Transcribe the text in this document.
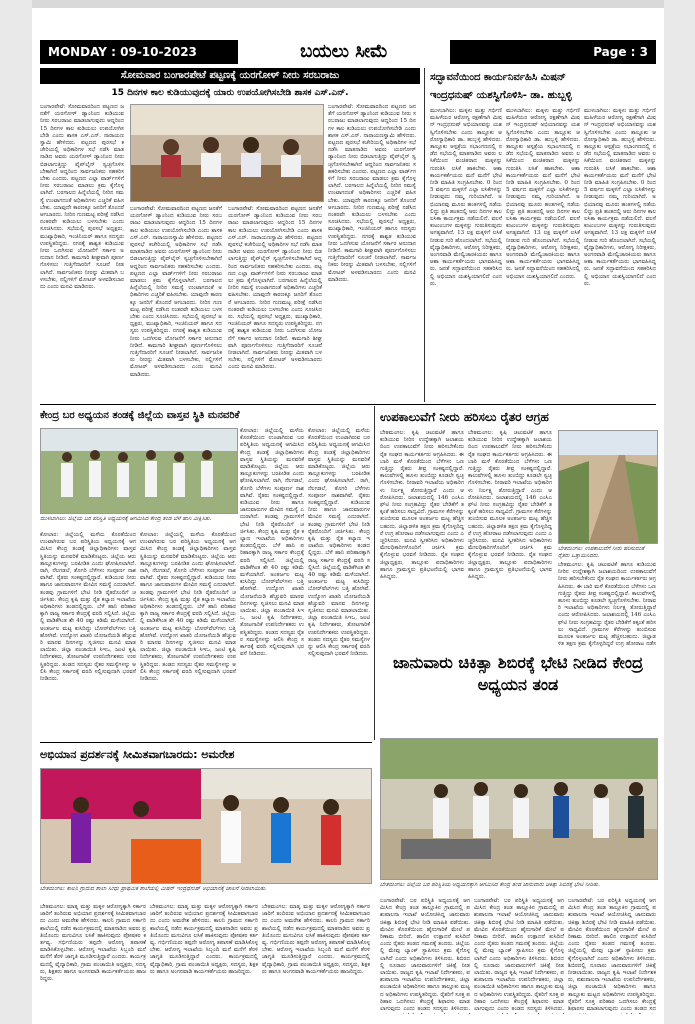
MONDAY : 09-10-2023	ಬಯಲು ಸೀಮೆ	Page : 3
ಸೋಮವಾರ ಬಂಗಾರಪೇಟೆ ಪಟ್ಟಣಕ್ಕೆ ಯರಗೋಳ್ ನೀರು ಸರಬರಾಜು
15 ದಿನಗಳ ಕಾಲ ಕುಡಿಯುವುದಕ್ಕೆ ಯಾರು ಉಪಯೋಗಿಸಬೇಡಿ ಶಾಸಕ ಎಸ್.ಎನ್.
ಬಂಗಾರಪೇಟೆ: ಸೋಮವಾರದಿಂದ ಪಟ್ಟಣದ ಜನತೆಗೆ ಯರಗೋಳ್ ಡ್ಯಾಂನಿಂದ ಕುಡಿಯುವ ನೀರು ಸರಬರಾಜು ಮಾಡಲಾಗುವುದು ಆದ್ದರಿಂದ 15 ದಿನಗಳ ಕಾಲ ಕುಡಿಯಲು ಉಪಯೋಗಿಸಬೇಡಿ ಎಂದು ಶಾಸಕ ಎಸ್.ಎನ್. ನಾರಾಯಣಸ್ವಾಮಿ ಹೇಳಿದರು. ಪಟ್ಟಣದ ಪುರಸಭೆ ಕಚೇರಿಯಲ್ಲಿ ಅಧಿಕಾರಿಗಳ ಸಭೆ ನಡೆಸಿ ಮಾತನಾಡಿದ ಅವರು ಯರಗೋಳ್ ಡ್ಯಾಂನಿಂದ ನೀರು ಬಿಡಲಾಗುತ್ತಿದ್ದು ಪೈಪ್‌ಲೈನ್ ಸ್ವಚ್ಛಗೊಳಿಸಬೇಕಾಗಿದೆ ಆದ್ದರಿಂದ ಸಾರ್ವಜನಿಕರು ಸಹಕರಿಸಬೇಕು ಎಂದರು. ಪಟ್ಟಣದ ಎಲ್ಲಾ ವಾರ್ಡ್‌ಗಳಿಗೆ ನೀರು ಸರಬರಾಜು ಮಾಡಲು ಕ್ರಮ ಕೈಗೊಳ್ಳಲಾಗಿದೆ. ಬರಗಾಲದ ಹಿನ್ನೆಲೆಯಲ್ಲಿ ನೀರಿನ ಸಮಸ್ಯೆ ಉಂಟಾಗದಂತೆ ಅಧಿಕಾರಿಗಳು ಎಚ್ಚರಿಕೆ ವಹಿಸಬೇಕು. ಯಾವುದೇ ಕಾರಣಕ್ಕೂ ಜನರಿಗೆ ತೊಂದರೆ ಆಗಬಾರದು. ನೀರಿನ ಗುಣಮಟ್ಟ ಪರೀಕ್ಷೆ ನಡೆಸಿದ ನಂತರವೇ ಕುಡಿಯಲು ಬಳಸಬೇಕು ಎಂದು ಸೂಚಿಸಿದರು. ಸಭೆಯಲ್ಲಿ ಪುರಸಭೆ ಅಧ್ಯಕ್ಷರು, ಮುಖ್ಯಾಧಿಕಾರಿ, ಇಂಜಿನಿಯರ್ ಹಾಗೂ ಸದಸ್ಯರು ಉಪಸ್ಥಿತರಿದ್ದರು. ನಗರಕ್ಕೆ ಶಾಶ್ವತ ಕುಡಿಯುವ ನೀರು ಒದಗಿಸುವ ಯೋಜನೆಗೆ ಸರ್ಕಾರ ಅನುದಾನ ನೀಡಿದೆ. ಕಾಮಗಾರಿ ಶೀಘ್ರವಾಗಿ ಪೂರ್ಣಗೊಳಿಸಲು ಗುತ್ತಿಗೆದಾರರಿಗೆ ಸೂಚನೆ ನೀಡಲಾಗಿದೆ. ಸಾರ್ವಜನಿಕರು ನೀರನ್ನು ಮಿತವಾಗಿ ಬಳಸಬೇಕು, ನಲ್ಲಿಗಳಿಗೆ ಮೋಟರ್ ಅಳವಡಿಸಬಾರದು ಎಂದು ಮನವಿ ಮಾಡಿದರು.
ಬಂಗಾರಪೇಟೆ: ಸೋಮವಾರದಿಂದ ಪಟ್ಟಣದ ಜನತೆಗೆ ಯರಗೋಳ್ ಡ್ಯಾಂನಿಂದ ಕುಡಿಯುವ ನೀರು ಸರಬರಾಜು ಮಾಡಲಾಗುವುದು ಆದ್ದರಿಂದ 15 ದಿನಗಳ ಕಾಲ ಕುಡಿಯಲು ಉಪಯೋಗಿಸಬೇಡಿ ಎಂದು ಶಾಸಕ ಎಸ್.ಎನ್. ನಾರಾಯಣಸ್ವಾಮಿ ಹೇಳಿದರು. ಪಟ್ಟಣದ ಪುರಸಭೆ ಕಚೇರಿಯಲ್ಲಿ ಅಧಿಕಾರಿಗಳ ಸಭೆ ನಡೆಸಿ ಮಾತನಾಡಿದ ಅವರು ಯರಗೋಳ್ ಡ್ಯಾಂನಿಂದ ನೀರು ಬಿಡಲಾಗುತ್ತಿದ್ದು ಪೈಪ್‌ಲೈನ್ ಸ್ವಚ್ಛಗೊಳಿಸಬೇಕಾಗಿದೆ ಆದ್ದರಿಂದ ಸಾರ್ವಜನಿಕರು ಸಹಕರಿಸಬೇಕು ಎಂದರು. ಪಟ್ಟಣದ ಎಲ್ಲಾ ವಾರ್ಡ್‌ಗಳಿಗೆ ನೀರು ಸರಬರಾಜು ಮಾಡಲು ಕ್ರಮ ಕೈಗೊಳ್ಳಲಾಗಿದೆ. ಬರಗಾಲದ ಹಿನ್ನೆಲೆಯಲ್ಲಿ ನೀರಿನ ಸಮಸ್ಯೆ ಉಂಟಾಗದಂತೆ ಅಧಿಕಾರಿಗಳು ಎಚ್ಚರಿಕೆ ವಹಿಸಬೇಕು. ಯಾವುದೇ ಕಾರಣಕ್ಕೂ ಜನರಿಗೆ ತೊಂದರೆ ಆಗಬಾರದು. ನೀರಿನ ಗುಣಮಟ್ಟ ಪರೀಕ್ಷೆ ನಡೆಸಿದ ನಂತರವೇ ಕುಡಿಯಲು ಬಳಸಬೇಕು ಎಂದು ಸೂಚಿಸಿದರು. ಸಭೆಯಲ್ಲಿ ಪುರಸಭೆ ಅಧ್ಯಕ್ಷರು, ಮುಖ್ಯಾಧಿಕಾರಿ, ಇಂಜಿನಿಯರ್ ಹಾಗೂ ಸದಸ್ಯರು ಉಪಸ್ಥಿತರಿದ್ದರು. ನಗರಕ್ಕೆ ಶಾಶ್ವತ ಕುಡಿಯುವ ನೀರು ಒದಗಿಸುವ ಯೋಜನೆಗೆ ಸರ್ಕಾರ ಅನುದಾನ ನೀಡಿದೆ. ಕಾಮಗಾರಿ ಶೀಘ್ರವಾಗಿ ಪೂರ್ಣಗೊಳಿಸಲು ಗುತ್ತಿಗೆದಾರರಿಗೆ ಸೂಚನೆ ನೀಡಲಾಗಿದೆ. ಸಾರ್ವಜನಿಕರು ನೀರನ್ನು ಮಿತವಾಗಿ ಬಳಸಬೇಕು, ನಲ್ಲಿಗಳಿಗೆ ಮೋಟರ್ ಅಳವಡಿಸಬಾರದು ಎಂದು ಮನವಿ ಮಾಡಿದರು.
ಬಂಗಾರಪೇಟೆ: ಸೋಮವಾರದಿಂದ ಪಟ್ಟಣದ ಜನತೆಗೆ ಯರಗೋಳ್ ಡ್ಯಾಂನಿಂದ ಕುಡಿಯುವ ನೀರು ಸರಬರಾಜು ಮಾಡಲಾಗುವುದು ಆದ್ದರಿಂದ 15 ದಿನಗಳ ಕಾಲ ಕುಡಿಯಲು ಉಪಯೋಗಿಸಬೇಡಿ ಎಂದು ಶಾಸಕ ಎಸ್.ಎನ್. ನಾರಾಯಣಸ್ವಾಮಿ ಹೇಳಿದರು. ಪಟ್ಟಣದ ಪುರಸಭೆ ಕಚೇರಿಯಲ್ಲಿ ಅಧಿಕಾರಿಗಳ ಸಭೆ ನಡೆಸಿ ಮಾತನಾಡಿದ ಅವರು ಯರಗೋಳ್ ಡ್ಯಾಂನಿಂದ ನೀರು ಬಿಡಲಾಗುತ್ತಿದ್ದು ಪೈಪ್‌ಲೈನ್ ಸ್ವಚ್ಛಗೊಳಿಸಬೇಕಾಗಿದೆ ಆದ್ದರಿಂದ ಸಾರ್ವಜನಿಕರು ಸಹಕರಿಸಬೇಕು ಎಂದರು. ಪಟ್ಟಣದ ಎಲ್ಲಾ ವಾರ್ಡ್‌ಗಳಿಗೆ ನೀರು ಸರಬರಾಜು ಮಾಡಲು ಕ್ರಮ ಕೈಗೊಳ್ಳಲಾಗಿದೆ. ಬರಗಾಲದ ಹಿನ್ನೆಲೆಯಲ್ಲಿ ನೀರಿನ ಸಮಸ್ಯೆ ಉಂಟಾಗದಂತೆ ಅಧಿಕಾರಿಗಳು ಎಚ್ಚರಿಕೆ ವಹಿಸಬೇಕು. ಯಾವುದೇ ಕಾರಣಕ್ಕೂ ಜನರಿಗೆ ತೊಂದರೆ ಆಗಬಾರದು. ನೀರಿನ ಗುಣಮಟ್ಟ ಪರೀಕ್ಷೆ ನಡೆಸಿದ ನಂತರವೇ ಕುಡಿಯಲು ಬಳಸಬೇಕು ಎಂದು ಸೂಚಿಸಿದರು. ಸಭೆಯಲ್ಲಿ ಪುರಸಭೆ ಅಧ್ಯಕ್ಷರು, ಮುಖ್ಯಾಧಿಕಾರಿ, ಇಂಜಿನಿಯರ್ ಹಾಗೂ ಸದಸ್ಯರು ಉಪಸ್ಥಿತರಿದ್ದರು. ನಗರಕ್ಕೆ ಶಾಶ್ವತ ಕುಡಿಯುವ ನೀರು ಒದಗಿಸುವ ಯೋಜನೆಗೆ ಸರ್ಕಾರ ಅನುದಾನ ನೀಡಿದೆ. ಕಾಮಗಾರಿ ಶೀಘ್ರವಾಗಿ ಪೂರ್ಣಗೊಳಿಸಲು ಗುತ್ತಿಗೆದಾರರಿಗೆ ಸೂಚನೆ ನೀಡಲಾಗಿದೆ. ಸಾರ್ವಜನಿಕರು ನೀರನ್ನು ಮಿತವಾಗಿ ಬಳಸಬೇಕು, ನಲ್ಲಿಗಳಿಗೆ ಮೋಟರ್ ಅಳವಡಿಸಬಾರದು ಎಂದು ಮನವಿ ಮಾಡಿದರು.
ಬಂಗಾರಪೇಟೆ: ಸೋಮವಾರದಿಂದ ಪಟ್ಟಣದ ಜನತೆಗೆ ಯರಗೋಳ್ ಡ್ಯಾಂನಿಂದ ಕುಡಿಯುವ ನೀರು ಸರಬರಾಜು ಮಾಡಲಾಗುವುದು ಆದ್ದರಿಂದ 15 ದಿನಗಳ ಕಾಲ ಕುಡಿಯಲು ಉಪಯೋಗಿಸಬೇಡಿ ಎಂದು ಶಾಸಕ ಎಸ್.ಎನ್. ನಾರಾಯಣಸ್ವಾಮಿ ಹೇಳಿದರು. ಪಟ್ಟಣದ ಪುರಸಭೆ ಕಚೇರಿಯಲ್ಲಿ ಅಧಿಕಾರಿಗಳ ಸಭೆ ನಡೆಸಿ ಮಾತನಾಡಿದ ಅವರು ಯರಗೋಳ್ ಡ್ಯಾಂನಿಂದ ನೀರು ಬಿಡಲಾಗುತ್ತಿದ್ದು ಪೈಪ್‌ಲೈನ್ ಸ್ವಚ್ಛಗೊಳಿಸಬೇಕಾಗಿದೆ ಆದ್ದರಿಂದ ಸಾರ್ವಜನಿಕರು ಸಹಕರಿಸಬೇಕು ಎಂದರು. ಪಟ್ಟಣದ ಎಲ್ಲಾ ವಾರ್ಡ್‌ಗಳಿಗೆ ನೀರು ಸರಬರಾಜು ಮಾಡಲು ಕ್ರಮ ಕೈಗೊಳ್ಳಲಾಗಿದೆ. ಬರಗಾಲದ ಹಿನ್ನೆಲೆಯಲ್ಲಿ ನೀರಿನ ಸಮಸ್ಯೆ ಉಂಟಾಗದಂತೆ ಅಧಿಕಾರಿಗಳು ಎಚ್ಚರಿಕೆ ವಹಿಸಬೇಕು. ಯಾವುದೇ ಕಾರಣಕ್ಕೂ ಜನರಿಗೆ ತೊಂದರೆ ಆಗಬಾರದು. ನೀರಿನ ಗುಣಮಟ್ಟ ಪರೀಕ್ಷೆ ನಡೆಸಿದ ನಂತರವೇ ಕುಡಿಯಲು ಬಳಸಬೇಕು ಎಂದು ಸೂಚಿಸಿದರು. ಸಭೆಯಲ್ಲಿ ಪುರಸಭೆ ಅಧ್ಯಕ್ಷರು, ಮುಖ್ಯಾಧಿಕಾರಿ, ಇಂಜಿನಿಯರ್ ಹಾಗೂ ಸದಸ್ಯರು ಉಪಸ್ಥಿತರಿದ್ದರು. ನಗರಕ್ಕೆ ಶಾಶ್ವತ ಕುಡಿಯುವ ನೀರು ಒದಗಿಸುವ ಯೋಜನೆಗೆ ಸರ್ಕಾರ ಅನುದಾನ ನೀಡಿದೆ. ಕಾಮಗಾರಿ ಶೀಘ್ರವಾಗಿ ಪೂರ್ಣಗೊಳಿಸಲು ಗುತ್ತಿಗೆದಾರರಿಗೆ ಸೂಚನೆ ನೀಡಲಾಗಿದೆ. ಸಾರ್ವಜನಿಕರು ನೀರನ್ನು ಮಿತವಾಗಿ ಬಳಸಬೇಕು, ನಲ್ಲಿಗಳಿಗೆ ಮೋಟರ್ ಅಳವಡಿಸಬಾರದು ಎಂದು ಮನವಿ ಮಾಡಿದರು.
ಸದ್ಭಾವನೆಯಿಂದ ಕಾರ್ಯನಿರ್ವಹಿಸಿ ಮಿಷನ್
ಇಂದ್ರಧನುಷ್ ಯಶಸ್ವಿಗೊಳಿಸಿ- ಡಾ. ಹುಬ್ಬಳ್ಳಿ
ಮುಳಬಾಗಿಲು: ಮಕ್ಕಳು ಮತ್ತು ಗರ್ಭಿಣಿ ಮಹಿಳೆಯರ ಆರೋಗ್ಯ ರಕ್ಷಣೆಗಾಗಿ ಮಿಷನ್ ಇಂದ್ರಧನುಷ್ ಅಭಿಯಾನವನ್ನು ಯಶಸ್ವಿಗೊಳಿಸಬೇಕು ಎಂದು ತಾಲ್ಲೂಕು ಆರೋಗ್ಯಾಧಿಕಾರಿ ಡಾ. ಹುಬ್ಬಳ್ಳಿ ಹೇಳಿದರು. ತಾಲ್ಲೂಕು ಆಸ್ಪತ್ರೆಯ ಸಭಾಂಗಣದಲ್ಲಿ ನಡೆದ ಸಭೆಯಲ್ಲಿ ಮಾತನಾಡಿದ ಅವರು ಲಸಿಕೆಯಿಂದ ವಂಚಿತರಾದ ಮಕ್ಕಳನ್ನು ಗುರುತಿಸಿ ಲಸಿಕೆ ಹಾಕಬೇಕು. ಆಶಾ ಕಾರ್ಯಕರ್ತೆಯರು ಮನೆ ಮನೆಗೆ ಭೇಟಿ ನೀಡಿ ಮಾಹಿತಿ ಸಂಗ್ರಹಿಸಬೇಕು. 0 ರಿಂದ 5 ವರ್ಷದ ಮಕ್ಕಳಿಗೆ ಎಲ್ಲಾ ಲಸಿಕೆಗಳನ್ನು ನೀಡುವುದು ನಮ್ಮ ಗುರಿಯಾಗಿದೆ. ಅಭಿಯಾನವು ಮೂರು ಹಂತಗಳಲ್ಲಿ ನಡೆಯಲಿದ್ದು ಪ್ರತಿ ಹಂತದಲ್ಲಿ ಆರು ದಿನಗಳ ಕಾಲ ಲಸಿಕಾ ಕಾರ್ಯಕ್ರಮ ನಡೆಯಲಿದೆ. ವಲಸೆ ಕುಟುಂಬಗಳ ಮಕ್ಕಳನ್ನು ಗುರುತಿಸುವುದು ಅಗತ್ಯವಾಗಿದೆ. 13 ಲಕ್ಷ ಮಕ್ಕಳಿಗೆ ಲಸಿಕೆ ನೀಡುವ ಗುರಿ ಹೊಂದಲಾಗಿದೆ. ಸಭೆಯಲ್ಲಿ ವೈದ್ಯಾಧಿಕಾರಿಗಳು, ಆರೋಗ್ಯ ನಿರೀಕ್ಷಕರು, ಅಂಗನವಾಡಿ ಮೇಲ್ವಿಚಾರಕಿಯರು ಹಾಗೂ ಆಶಾ ಕಾರ್ಯಕರ್ತೆಯರು ಭಾಗವಹಿಸಿದ್ದರು. ಜನತೆ ಸದ್ಭಾವನೆಯಿಂದ ಸಹಕರಿಸಿದಲ್ಲಿ ಅಭಿಯಾನ ಯಶಸ್ವಿಯಾಗಲಿದೆ ಎಂದರು.
ಮುಳಬಾಗಿಲು: ಮಕ್ಕಳು ಮತ್ತು ಗರ್ಭಿಣಿ ಮಹಿಳೆಯರ ಆರೋಗ್ಯ ರಕ್ಷಣೆಗಾಗಿ ಮಿಷನ್ ಇಂದ್ರಧನುಷ್ ಅಭಿಯಾನವನ್ನು ಯಶಸ್ವಿಗೊಳಿಸಬೇಕು ಎಂದು ತಾಲ್ಲೂಕು ಆರೋಗ್ಯಾಧಿಕಾರಿ ಡಾ. ಹುಬ್ಬಳ್ಳಿ ಹೇಳಿದರು. ತಾಲ್ಲೂಕು ಆಸ್ಪತ್ರೆಯ ಸಭಾಂಗಣದಲ್ಲಿ ನಡೆದ ಸಭೆಯಲ್ಲಿ ಮಾತನಾಡಿದ ಅವರು ಲಸಿಕೆಯಿಂದ ವಂಚಿತರಾದ ಮಕ್ಕಳನ್ನು ಗುರುತಿಸಿ ಲಸಿಕೆ ಹಾಕಬೇಕು. ಆಶಾ ಕಾರ್ಯಕರ್ತೆಯರು ಮನೆ ಮನೆಗೆ ಭೇಟಿ ನೀಡಿ ಮಾಹಿತಿ ಸಂಗ್ರಹಿಸಬೇಕು. 0 ರಿಂದ 5 ವರ್ಷದ ಮಕ್ಕಳಿಗೆ ಎಲ್ಲಾ ಲಸಿಕೆಗಳನ್ನು ನೀಡುವುದು ನಮ್ಮ ಗುರಿಯಾಗಿದೆ. ಅಭಿಯಾನವು ಮೂರು ಹಂತಗಳಲ್ಲಿ ನಡೆಯಲಿದ್ದು ಪ್ರತಿ ಹಂತದಲ್ಲಿ ಆರು ದಿನಗಳ ಕಾಲ ಲಸಿಕಾ ಕಾರ್ಯಕ್ರಮ ನಡೆಯಲಿದೆ. ವಲಸೆ ಕುಟುಂಬಗಳ ಮಕ್ಕಳನ್ನು ಗುರುತಿಸುವುದು ಅಗತ್ಯವಾಗಿದೆ. 13 ಲಕ್ಷ ಮಕ್ಕಳಿಗೆ ಲಸಿಕೆ ನೀಡುವ ಗುರಿ ಹೊಂದಲಾಗಿದೆ. ಸಭೆಯಲ್ಲಿ ವೈದ್ಯಾಧಿಕಾರಿಗಳು, ಆರೋಗ್ಯ ನಿರೀಕ್ಷಕರು, ಅಂಗನವಾಡಿ ಮೇಲ್ವಿಚಾರಕಿಯರು ಹಾಗೂ ಆಶಾ ಕಾರ್ಯಕರ್ತೆಯರು ಭಾಗವಹಿಸಿದ್ದರು. ಜನತೆ ಸದ್ಭಾವನೆಯಿಂದ ಸಹಕರಿಸಿದಲ್ಲಿ ಅಭಿಯಾನ ಯಶಸ್ವಿಯಾಗಲಿದೆ ಎಂದರು.
ಮುಳಬಾಗಿಲು: ಮಕ್ಕಳು ಮತ್ತು ಗರ್ಭಿಣಿ ಮಹಿಳೆಯರ ಆರೋಗ್ಯ ರಕ್ಷಣೆಗಾಗಿ ಮಿಷನ್ ಇಂದ್ರಧನುಷ್ ಅಭಿಯಾನವನ್ನು ಯಶಸ್ವಿಗೊಳಿಸಬೇಕು ಎಂದು ತಾಲ್ಲೂಕು ಆರೋಗ್ಯಾಧಿಕಾರಿ ಡಾ. ಹುಬ್ಬಳ್ಳಿ ಹೇಳಿದರು. ತಾಲ್ಲೂಕು ಆಸ್ಪತ್ರೆಯ ಸಭಾಂಗಣದಲ್ಲಿ ನಡೆದ ಸಭೆಯಲ್ಲಿ ಮಾತನಾಡಿದ ಅವರು ಲಸಿಕೆಯಿಂದ ವಂಚಿತರಾದ ಮಕ್ಕಳನ್ನು ಗುರುತಿಸಿ ಲಸಿಕೆ ಹಾಕಬೇಕು. ಆಶಾ ಕಾರ್ಯಕರ್ತೆಯರು ಮನೆ ಮನೆಗೆ ಭೇಟಿ ನೀಡಿ ಮಾಹಿತಿ ಸಂಗ್ರಹಿಸಬೇಕು. 0 ರಿಂದ 5 ವರ್ಷದ ಮಕ್ಕಳಿಗೆ ಎಲ್ಲಾ ಲಸಿಕೆಗಳನ್ನು ನೀಡುವುದು ನಮ್ಮ ಗುರಿಯಾಗಿದೆ. ಅಭಿಯಾನವು ಮೂರು ಹಂತಗಳಲ್ಲಿ ನಡೆಯಲಿದ್ದು ಪ್ರತಿ ಹಂತದಲ್ಲಿ ಆರು ದಿನಗಳ ಕಾಲ ಲಸಿಕಾ ಕಾರ್ಯಕ್ರಮ ನಡೆಯಲಿದೆ. ವಲಸೆ ಕುಟುಂಬಗಳ ಮಕ್ಕಳನ್ನು ಗುರುತಿಸುವುದು ಅಗತ್ಯವಾಗಿದೆ. 13 ಲಕ್ಷ ಮಕ್ಕಳಿಗೆ ಲಸಿಕೆ ನೀಡುವ ಗುರಿ ಹೊಂದಲಾಗಿದೆ. ಸಭೆಯಲ್ಲಿ ವೈದ್ಯಾಧಿಕಾರಿಗಳು, ಆರೋಗ್ಯ ನಿರೀಕ್ಷಕರು, ಅಂಗನವಾಡಿ ಮೇಲ್ವಿಚಾರಕಿಯರು ಹಾಗೂ ಆಶಾ ಕಾರ್ಯಕರ್ತೆಯರು ಭಾಗವಹಿಸಿದ್ದರು. ಜನತೆ ಸದ್ಭಾವನೆಯಿಂದ ಸಹಕರಿಸಿದಲ್ಲಿ ಅಭಿಯಾನ ಯಶಸ್ವಿಯಾಗಲಿದೆ ಎಂದರು.
ಕೇಂದ್ರ ಬರ ಅಧ್ಯಯನ ತಂಡಕ್ಕೆ ಜಿಲ್ಲೆಯ ವಾಸ್ತವ ಸ್ಥಿತಿ ಮನವರಿಕೆ
ಮುಳಬಾಗಿಲು: ಜಿಲ್ಲೆಯ ಬರ ಪರಿಸ್ಥಿತಿ ಅಧ್ಯಯನಕ್ಕೆ ಆಗಮಿಸಿದ ಕೇಂದ್ರ ತಂಡ ಬೆಳೆ ಹಾನಿ ವೀಕ್ಷಿಸಿತು.
ಕೋಲಾರ: ಜಿಲ್ಲೆಯಲ್ಲಿ ಮಳೆಯ ಕೊರತೆಯಿಂದ ಉಂಟಾಗಿರುವ ಬರ ಪರಿಸ್ಥಿತಿಯ ಅಧ್ಯಯನಕ್ಕೆ ಆಗಮಿಸಿದ ಕೇಂದ್ರ ತಂಡಕ್ಕೆ ಜಿಲ್ಲಾಧಿಕಾರಿಗಳು ವಾಸ್ತವ ಸ್ಥಿತಿಯನ್ನು ಮನವರಿಕೆ ಮಾಡಿಕೊಟ್ಟರು. ಜಿಲ್ಲೆಯ ಆರು ತಾಲ್ಲೂಕುಗಳನ್ನು ಬರಪೀಡಿತ ಎಂದು ಘೋಷಿಸಲಾಗಿದೆ. ರಾಗಿ, ನೆಲಗಡಲೆ, ತೊಗರಿ ಬೆಳೆಗಳು ಸಂಪೂರ್ಣ ನಾಶವಾಗಿವೆ. ರೈತರು ಸಂಕಷ್ಟದಲ್ಲಿದ್ದಾರೆ. ಕುಡಿಯುವ ನೀರು ಹಾಗೂ ಜಾನುವಾರುಗಳ ಮೇವಿನ ಸಮಸ್ಯೆ ಎದುರಾಗಿದೆ. ತಂಡವು ಗ್ರಾಮಗಳಿಗೆ ಭೇಟಿ ನೀಡಿ ರೈತರೊಂದಿಗೆ ಚರ್ಚಿಸಿತು. ಕೇಂದ್ರ ಕೃಷಿ ಮತ್ತು ರೈತ ಕಲ್ಯಾಣ ಇಲಾಖೆಯ ಅಧಿಕಾರಿಗಳು ತಂಡದಲ್ಲಿದ್ದರು. ಬೆಳೆ ಹಾನಿ ಪರಿಹಾರಕ್ಕಾಗಿ ರಾಜ್ಯ ಸರ್ಕಾರ ಕೇಂದ್ರಕ್ಕೆ ವರದಿ ಸಲ್ಲಿಸಿದೆ. ಜಿಲ್ಲೆಯಲ್ಲಿ ವಾಡಿಕೆಗಿಂತ ಶೇ 40 ರಷ್ಟು ಕಡಿಮೆ ಮಳೆಯಾಗಿದೆ. ಅಂತರ್ಜಲ ಮಟ್ಟ ಕುಸಿದಿದ್ದು ಬೋರ್‌ವೆಲ್‌ಗಳು ಬತ್ತಿ ಹೋಗಿವೆ. ಉದ್ಯೋಗ ಖಾತರಿ ಯೋಜನೆಯಡಿ ಹೆಚ್ಚುವರಿ ಮಾನವ ದಿನಗಳನ್ನು ಸೃಜಿಸಲು ಮನವಿ ಮಾಡಲಾಯಿತು. ಜಿಲ್ಲಾ ಪಂಚಾಯಿತಿ ಸಿಇಒ, ಜಂಟಿ ಕೃಷಿ ನಿರ್ದೇಶಕರು, ತೋಟಗಾರಿಕೆ ಉಪನಿರ್ದೇಶಕರು ಉಪಸ್ಥಿತರಿದ್ದರು. ತಂಡದ ಸದಸ್ಯರು ರೈತರ ಸಮಸ್ಯೆಗಳನ್ನು ಆಲಿಸಿ ಕೇಂದ್ರ ಸರ್ಕಾರಕ್ಕೆ ವರದಿ ಸಲ್ಲಿಸುವುದಾಗಿ ಭರವಸೆ ನೀಡಿದರು.
ಕೋಲಾರ: ಜಿಲ್ಲೆಯಲ್ಲಿ ಮಳೆಯ ಕೊರತೆಯಿಂದ ಉಂಟಾಗಿರುವ ಬರ ಪರಿಸ್ಥಿತಿಯ ಅಧ್ಯಯನಕ್ಕೆ ಆಗಮಿಸಿದ ಕೇಂದ್ರ ತಂಡಕ್ಕೆ ಜಿಲ್ಲಾಧಿಕಾರಿಗಳು ವಾಸ್ತವ ಸ್ಥಿತಿಯನ್ನು ಮನವರಿಕೆ ಮಾಡಿಕೊಟ್ಟರು. ಜಿಲ್ಲೆಯ ಆರು ತಾಲ್ಲೂಕುಗಳನ್ನು ಬರಪೀಡಿತ ಎಂದು ಘೋಷಿಸಲಾಗಿದೆ. ರಾಗಿ, ನೆಲಗಡಲೆ, ತೊಗರಿ ಬೆಳೆಗಳು ಸಂಪೂರ್ಣ ನಾಶವಾಗಿವೆ. ರೈತರು ಸಂಕಷ್ಟದಲ್ಲಿದ್ದಾರೆ. ಕುಡಿಯುವ ನೀರು ಹಾಗೂ ಜಾನುವಾರುಗಳ ಮೇವಿನ ಸಮಸ್ಯೆ ಎದುರಾಗಿದೆ. ತಂಡವು ಗ್ರಾಮಗಳಿಗೆ ಭೇಟಿ ನೀಡಿ ರೈತರೊಂದಿಗೆ ಚರ್ಚಿಸಿತು. ಕೇಂದ್ರ ಕೃಷಿ ಮತ್ತು ರೈತ ಕಲ್ಯಾಣ ಇಲಾಖೆಯ ಅಧಿಕಾರಿಗಳು ತಂಡದಲ್ಲಿದ್ದರು. ಬೆಳೆ ಹಾನಿ ಪರಿಹಾರಕ್ಕಾಗಿ ರಾಜ್ಯ ಸರ್ಕಾರ ಕೇಂದ್ರಕ್ಕೆ ವರದಿ ಸಲ್ಲಿಸಿದೆ. ಜಿಲ್ಲೆಯಲ್ಲಿ ವಾಡಿಕೆಗಿಂತ ಶೇ 40 ರಷ್ಟು ಕಡಿಮೆ ಮಳೆಯಾಗಿದೆ. ಅಂತರ್ಜಲ ಮಟ್ಟ ಕುಸಿದಿದ್ದು ಬೋರ್‌ವೆಲ್‌ಗಳು ಬತ್ತಿ ಹೋಗಿವೆ. ಉದ್ಯೋಗ ಖಾತರಿ ಯೋಜನೆಯಡಿ ಹೆಚ್ಚುವರಿ ಮಾನವ ದಿನಗಳನ್ನು ಸೃಜಿಸಲು ಮನವಿ ಮಾಡಲಾಯಿತು. ಜಿಲ್ಲಾ ಪಂಚಾಯಿತಿ ಸಿಇಒ, ಜಂಟಿ ಕೃಷಿ ನಿರ್ದೇಶಕರು, ತೋಟಗಾರಿಕೆ ಉಪನಿರ್ದೇಶಕರು ಉಪಸ್ಥಿತರಿದ್ದರು. ತಂಡದ ಸದಸ್ಯರು ರೈತರ ಸಮಸ್ಯೆಗಳನ್ನು ಆಲಿಸಿ ಕೇಂದ್ರ ಸರ್ಕಾರಕ್ಕೆ ವರದಿ ಸಲ್ಲಿಸುವುದಾಗಿ ಭರವಸೆ ನೀಡಿದರು.
ಕೋಲಾರ: ಜಿಲ್ಲೆಯಲ್ಲಿ ಮಳೆಯ ಕೊರತೆಯಿಂದ ಉಂಟಾಗಿರುವ ಬರ ಪರಿಸ್ಥಿತಿಯ ಅಧ್ಯಯನಕ್ಕೆ ಆಗಮಿಸಿದ ಕೇಂದ್ರ ತಂಡಕ್ಕೆ ಜಿಲ್ಲಾಧಿಕಾರಿಗಳು ವಾಸ್ತವ ಸ್ಥಿತಿಯನ್ನು ಮನವರಿಕೆ ಮಾಡಿಕೊಟ್ಟರು. ಜಿಲ್ಲೆಯ ಆರು ತಾಲ್ಲೂಕುಗಳನ್ನು ಬರಪೀಡಿತ ಎಂದು ಘೋಷಿಸಲಾಗಿದೆ. ರಾಗಿ, ನೆಲಗಡಲೆ, ತೊಗರಿ ಬೆಳೆಗಳು ಸಂಪೂರ್ಣ ನಾಶವಾಗಿವೆ. ರೈತರು ಸಂಕಷ್ಟದಲ್ಲಿದ್ದಾರೆ. ಕುಡಿಯುವ ನೀರು ಹಾಗೂ ಜಾನುವಾರುಗಳ ಮೇವಿನ ಸಮಸ್ಯೆ ಎದುರಾಗಿದೆ. ತಂಡವು ಗ್ರಾಮಗಳಿಗೆ ಭೇಟಿ ನೀಡಿ ರೈತರೊಂದಿಗೆ ಚರ್ಚಿಸಿತು. ಕೇಂದ್ರ ಕೃಷಿ ಮತ್ತು ರೈತ ಕಲ್ಯಾಣ ಇಲಾಖೆಯ ಅಧಿಕಾರಿಗಳು ತಂಡದಲ್ಲಿದ್ದರು. ಬೆಳೆ ಹಾನಿ ಪರಿಹಾರಕ್ಕಾಗಿ ರಾಜ್ಯ ಸರ್ಕಾರ ಕೇಂದ್ರಕ್ಕೆ ವರದಿ ಸಲ್ಲಿಸಿದೆ. ಜಿಲ್ಲೆಯಲ್ಲಿ ವಾಡಿಕೆಗಿಂತ ಶೇ 40 ರಷ್ಟು ಕಡಿಮೆ ಮಳೆಯಾಗಿದೆ. ಅಂತರ್ಜಲ ಮಟ್ಟ ಕುಸಿದಿದ್ದು ಬೋರ್‌ವೆಲ್‌ಗಳು ಬತ್ತಿ ಹೋಗಿವೆ. ಉದ್ಯೋಗ ಖಾತರಿ ಯೋಜನೆಯಡಿ ಹೆಚ್ಚುವರಿ ಮಾನವ ದಿನಗಳನ್ನು ಸೃಜಿಸಲು ಮನವಿ ಮಾಡಲಾಯಿತು. ಜಿಲ್ಲಾ ಪಂಚಾಯಿತಿ ಸಿಇಒ, ಜಂಟಿ ಕೃಷಿ ನಿರ್ದೇಶಕರು, ತೋಟಗಾರಿಕೆ ಉಪನಿರ್ದೇಶಕರು ಉಪಸ್ಥಿತರಿದ್ದರು. ತಂಡದ ಸದಸ್ಯರು ರೈತರ ಸಮಸ್ಯೆಗಳನ್ನು ಆಲಿಸಿ ಕೇಂದ್ರ ಸರ್ಕಾರಕ್ಕೆ ವರದಿ ಸಲ್ಲಿಸುವುದಾಗಿ ಭರವಸೆ ನೀಡಿದರು.
ಕೋಲಾರ: ಜಿಲ್ಲೆಯಲ್ಲಿ ಮಳೆಯ ಕೊರತೆಯಿಂದ ಉಂಟಾಗಿರುವ ಬರ ಪರಿಸ್ಥಿತಿಯ ಅಧ್ಯಯನಕ್ಕೆ ಆಗಮಿಸಿದ ಕೇಂದ್ರ ತಂಡಕ್ಕೆ ಜಿಲ್ಲಾಧಿಕಾರಿಗಳು ವಾಸ್ತವ ಸ್ಥಿತಿಯನ್ನು ಮನವರಿಕೆ ಮಾಡಿಕೊಟ್ಟರು. ಜಿಲ್ಲೆಯ ಆರು ತಾಲ್ಲೂಕುಗಳನ್ನು ಬರಪೀಡಿತ ಎಂದು ಘೋಷಿಸಲಾಗಿದೆ. ರಾಗಿ, ನೆಲಗಡಲೆ, ತೊಗರಿ ಬೆಳೆಗಳು ಸಂಪೂರ್ಣ ನಾಶವಾಗಿವೆ. ರೈತರು ಸಂಕಷ್ಟದಲ್ಲಿದ್ದಾರೆ. ಕುಡಿಯುವ ನೀರು ಹಾಗೂ ಜಾನುವಾರುಗಳ ಮೇವಿನ ಸಮಸ್ಯೆ ಎದುರಾಗಿದೆ. ತಂಡವು ಗ್ರಾಮಗಳಿಗೆ ಭೇಟಿ ನೀಡಿ ರೈತರೊಂದಿಗೆ ಚರ್ಚಿಸಿತು. ಕೇಂದ್ರ ಕೃಷಿ ಮತ್ತು ರೈತ ಕಲ್ಯಾಣ ಇಲಾಖೆಯ ಅಧಿಕಾರಿಗಳು ತಂಡದಲ್ಲಿದ್ದರು. ಬೆಳೆ ಹಾನಿ ಪರಿಹಾರಕ್ಕಾಗಿ ರಾಜ್ಯ ಸರ್ಕಾರ ಕೇಂದ್ರಕ್ಕೆ ವರದಿ ಸಲ್ಲಿಸಿದೆ. ಜಿಲ್ಲೆಯಲ್ಲಿ ವಾಡಿಕೆಗಿಂತ ಶೇ 40 ರಷ್ಟು ಕಡಿಮೆ ಮಳೆಯಾಗಿದೆ. ಅಂತರ್ಜಲ ಮಟ್ಟ ಕುಸಿದಿದ್ದು ಬೋರ್‌ವೆಲ್‌ಗಳು ಬತ್ತಿ ಹೋಗಿವೆ. ಉದ್ಯೋಗ ಖಾತರಿ ಯೋಜನೆಯಡಿ ಹೆಚ್ಚುವರಿ ಮಾನವ ದಿನಗಳನ್ನು ಸೃಜಿಸಲು ಮನವಿ ಮಾಡಲಾಯಿತು. ಜಿಲ್ಲಾ ಪಂಚಾಯಿತಿ ಸಿಇಒ, ಜಂಟಿ ಕೃಷಿ ನಿರ್ದೇಶಕರು, ತೋಟಗಾರಿಕೆ ಉಪನಿರ್ದೇಶಕರು ಉಪಸ್ಥಿತರಿದ್ದರು. ತಂಡದ ಸದಸ್ಯರು ರೈತರ ಸಮಸ್ಯೆಗಳನ್ನು ಆಲಿಸಿ ಕೇಂದ್ರ ಸರ್ಕಾರಕ್ಕೆ ವರದಿ ಸಲ್ಲಿಸುವುದಾಗಿ ಭರವಸೆ ನೀಡಿದರು.
ಉಪಕಾಲುವೆಗೆ ನೀರು ಹರಿಸಲು ರೈತರ ಆಗ್ರಹ
ಬೇತಮಂಗಲ: ಕೃಷಿ ಚಟುವಟಿಕೆ ಹಾಗೂ ಕುಡಿಯುವ ನೀರಿನ ಉದ್ದೇಶಕ್ಕಾಗಿ ಜಲಾಶಯದಿಂದ ಉಪಕಾಲುವೆಗೆ ನೀರು ಹರಿಸಬೇಕೆಂದು ರೈತ ಸಂಘದ ಕಾರ್ಯಕರ್ತರು ಆಗ್ರಹಿಸಿದರು. ಈ ಬಾರಿ ಮಳೆ ಕೊರತೆಯಿಂದ ಬೆಳೆಗಳು ಒಣಗುತ್ತಿದ್ದು ರೈತರು ತೀವ್ರ ಸಂಕಷ್ಟದಲ್ಲಿದ್ದಾರೆ. ಕಾಲುವೆಗಳಲ್ಲಿ ಹೂಳು ತುಂಬಿದ್ದು ಕೂಡಲೇ ಸ್ವಚ್ಛಗೊಳಿಸಬೇಕು. ನೀರಾವರಿ ಇಲಾಖೆಯ ಅಧಿಕಾರಿಗಳು ನಿರ್ಲಕ್ಷ್ಯ ತೋರುತ್ತಿದ್ದಾರೆ ಎಂದು ಆರೋಪಿಸಿದರು. ಜಲಾಶಯದಲ್ಲಿ 146 ಎಂಸಿಎಫ್‌ಟಿ ನೀರು ಸಂಗ್ರಹವಿದ್ದು ರೈತರ ಬೇಡಿಕೆಗೆ ತಕ್ಕಂತೆ ಹರಿಸಲು ಸಾಧ್ಯವಿದೆ. ಗ್ರಾಮಗಳ ಕೆರೆಗಳನ್ನು ತುಂಬಿಸುವ ಮೂಲಕ ಅಂತರ್ಜಲ ಮಟ್ಟ ಹೆಚ್ಚಿಸಬಹುದು. ಜಿಲ್ಲಾಡಳಿತ ತಕ್ಷಣ ಕ್ರಮ ಕೈಗೊಳ್ಳದಿದ್ದರೆ ಉಗ್ರ ಹೋರಾಟ ನಡೆಸಲಾಗುವುದು ಎಂದು ಎಚ್ಚರಿಸಿದರು. ಮನವಿ ಸ್ವೀಕರಿಸಿದ ಅಧಿಕಾರಿಗಳು ಮೇಲಧಿಕಾರಿಗಳೊಂದಿಗೆ ಚರ್ಚಿಸಿ ಕ್ರಮ ಕೈಗೊಳ್ಳುವ ಭರವಸೆ ನೀಡಿದರು. ರೈತ ಸಂಘದ ಜಿಲ್ಲಾಧ್ಯಕ್ಷರು, ತಾಲ್ಲೂಕು ಪದಾಧಿಕಾರಿಗಳು ಹಾಗೂ ಗ್ರಾಮಸ್ಥರು ಪ್ರತಿಭಟನೆಯಲ್ಲಿ ಭಾಗವಹಿಸಿದ್ದರು.
ಬೇತಮಂಗಲ: ಕೃಷಿ ಚಟುವಟಿಕೆ ಹಾಗೂ ಕುಡಿಯುವ ನೀರಿನ ಉದ್ದೇಶಕ್ಕಾಗಿ ಜಲಾಶಯದಿಂದ ಉಪಕಾಲುವೆಗೆ ನೀರು ಹರಿಸಬೇಕೆಂದು ರೈತ ಸಂಘದ ಕಾರ್ಯಕರ್ತರು ಆಗ್ರಹಿಸಿದರು. ಈ ಬಾರಿ ಮಳೆ ಕೊರತೆಯಿಂದ ಬೆಳೆಗಳು ಒಣಗುತ್ತಿದ್ದು ರೈತರು ತೀವ್ರ ಸಂಕಷ್ಟದಲ್ಲಿದ್ದಾರೆ. ಕಾಲುವೆಗಳಲ್ಲಿ ಹೂಳು ತುಂಬಿದ್ದು ಕೂಡಲೇ ಸ್ವಚ್ಛಗೊಳಿಸಬೇಕು. ನೀರಾವರಿ ಇಲಾಖೆಯ ಅಧಿಕಾರಿಗಳು ನಿರ್ಲಕ್ಷ್ಯ ತೋರುತ್ತಿದ್ದಾರೆ ಎಂದು ಆರೋಪಿಸಿದರು. ಜಲಾಶಯದಲ್ಲಿ 146 ಎಂಸಿಎಫ್‌ಟಿ ನೀರು ಸಂಗ್ರಹವಿದ್ದು ರೈತರ ಬೇಡಿಕೆಗೆ ತಕ್ಕಂತೆ ಹರಿಸಲು ಸಾಧ್ಯವಿದೆ. ಗ್ರಾಮಗಳ ಕೆರೆಗಳನ್ನು ತುಂಬಿಸುವ ಮೂಲಕ ಅಂತರ್ಜಲ ಮಟ್ಟ ಹೆಚ್ಚಿಸಬಹುದು. ಜಿಲ್ಲಾಡಳಿತ ತಕ್ಷಣ ಕ್ರಮ ಕೈಗೊಳ್ಳದಿದ್ದರೆ ಉಗ್ರ ಹೋರಾಟ ನಡೆಸಲಾಗುವುದು ಎಂದು ಎಚ್ಚರಿಸಿದರು. ಮನವಿ ಸ್ವೀಕರಿಸಿದ ಅಧಿಕಾರಿಗಳು ಮೇಲಧಿಕಾರಿಗಳೊಂದಿಗೆ ಚರ್ಚಿಸಿ ಕ್ರಮ ಕೈಗೊಳ್ಳುವ ಭರವಸೆ ನೀಡಿದರು. ರೈತ ಸಂಘದ ಜಿಲ್ಲಾಧ್ಯಕ್ಷರು, ತಾಲ್ಲೂಕು ಪದಾಧಿಕಾರಿಗಳು ಹಾಗೂ ಗ್ರಾಮಸ್ಥರು ಪ್ರತಿಭಟನೆಯಲ್ಲಿ ಭಾಗವಹಿಸಿದ್ದರು.
ಬೇತಮಂಗಲ: ಉಪಕಾಲುವೆಗೆ ನೀರು ಹರಿಸುವಂತೆ ರೈತರು ಒತ್ತಾಯಿಸಿದರು.
ಬೇತಮಂಗಲ: ಕೃಷಿ ಚಟುವಟಿಕೆ ಹಾಗೂ ಕುಡಿಯುವ ನೀರಿನ ಉದ್ದೇಶಕ್ಕಾಗಿ ಜಲಾಶಯದಿಂದ ಉಪಕಾಲುವೆಗೆ ನೀರು ಹರಿಸಬೇಕೆಂದು ರೈತ ಸಂಘದ ಕಾರ್ಯಕರ್ತರು ಆಗ್ರಹಿಸಿದರು. ಈ ಬಾರಿ ಮಳೆ ಕೊರತೆಯಿಂದ ಬೆಳೆಗಳು ಒಣಗುತ್ತಿದ್ದು ರೈತರು ತೀವ್ರ ಸಂಕಷ್ಟದಲ್ಲಿದ್ದಾರೆ. ಕಾಲುವೆಗಳಲ್ಲಿ ಹೂಳು ತುಂಬಿದ್ದು ಕೂಡಲೇ ಸ್ವಚ್ಛಗೊಳಿಸಬೇಕು. ನೀರಾವರಿ ಇಲಾಖೆಯ ಅಧಿಕಾರಿಗಳು ನಿರ್ಲಕ್ಷ್ಯ ತೋರುತ್ತಿದ್ದಾರೆ ಎಂದು ಆರೋಪಿಸಿದರು. ಜಲಾಶಯದಲ್ಲಿ 146 ಎಂಸಿಎಫ್‌ಟಿ ನೀರು ಸಂಗ್ರಹವಿದ್ದು ರೈತರ ಬೇಡಿಕೆಗೆ ತಕ್ಕಂತೆ ಹರಿಸಲು ಸಾಧ್ಯವಿದೆ. ಗ್ರಾಮಗಳ ಕೆರೆಗಳನ್ನು ತುಂಬಿಸುವ ಮೂಲಕ ಅಂತರ್ಜಲ ಮಟ್ಟ ಹೆಚ್ಚಿಸಬಹುದು. ಜಿಲ್ಲಾಡಳಿತ ತಕ್ಷಣ ಕ್ರಮ ಕೈಗೊಳ್ಳದಿದ್ದರೆ ಉಗ್ರ ಹೋರಾಟ ನಡೆಸ
ಜಾನುವಾರು ಚಿಕಿತ್ಸಾ ಶಿಬಿರಕ್ಕೆ ಭೇಟಿ ನೀಡಿದ ಕೇಂದ್ರ ಅಧ್ಯಯನ ತಂಡ
ಅಭಿಯಾನ ಪ್ರದರ್ಶನಕ್ಕೆ ಸೀಮಿತವಾಗಬಾರದು: ಅಮರೇಶ
ಬೇತಮಂಗಲ: ಕಾಲನಿ ಗ್ರಾಮದ ಶಾಲಾ ಸಿಂಧು ಪ್ರಾಥಮಿಕ ಶಾಲೆಯಲ್ಲಿ ಮಿಷನ್ ಇಂದ್ರಧನುಷ್ ಅಭಿಯಾನಕ್ಕೆ ಚಾಲನೆ ನೀಡಲಾಯಿತು.
ಬೇತಮಂಗಲ: ಮಾತೃ ಮತ್ತು ಮಕ್ಕಳ ಆರೋಗ್ಯಕ್ಕಾಗಿ ಸರ್ಕಾರ ಜಾರಿಗೆ ತಂದಿರುವ ಅಭಿಯಾನ ಪ್ರದರ್ಶನಕ್ಕೆ ಸೀಮಿತವಾಗಬಾರದು ಎಂದು ಅಮರೇಶ ಹೇಳಿದರು. ಕಾಲನಿ ಗ್ರಾಮದ ಸರ್ಕಾರಿ ಶಾಲೆಯಲ್ಲಿ ನಡೆದ ಕಾರ್ಯಕ್ರಮದಲ್ಲಿ ಮಾತನಾಡಿದ ಅವರು ಪ್ರತಿಯೊಂದು ಮಗುವಿಗೂ ಲಸಿಕೆ ಹಾಕಿಸುವುದು ಪೋಷಕರ ಕರ್ತವ್ಯ. ಗರ್ಭಿಣಿಯರು ತಪ್ಪದೇ ಆರೋಗ್ಯ ತಪಾಸಣೆ ಮಾಡಿಸಿಕೊಳ್ಳಬೇಕು. ಆರೋಗ್ಯ ಇಲಾಖೆಯ ಸಿಬ್ಬಂದಿ ಮನೆ ಮನೆಗೆ ತೆರಳಿ ಜಾಗೃತಿ ಮೂಡಿಸುತ್ತಿದ್ದಾರೆ ಎಂದರು. ಕಾರ್ಯಕ್ರಮದಲ್ಲಿ ವೈದ್ಯಾಧಿಕಾರಿ, ಗ್ರಾಮ ಪಂಚಾಯಿತಿ ಅಧ್ಯಕ್ಷರು, ಸದಸ್ಯರು, ಶಿಕ್ಷಕರು ಹಾಗೂ ಅಂಗನವಾಡಿ ಕಾರ್ಯಕರ್ತೆಯರು ಹಾಜರಿದ್ದರು.
ಬೇತಮಂಗಲ: ಮಾತೃ ಮತ್ತು ಮಕ್ಕಳ ಆರೋಗ್ಯಕ್ಕಾಗಿ ಸರ್ಕಾರ ಜಾರಿಗೆ ತಂದಿರುವ ಅಭಿಯಾನ ಪ್ರದರ್ಶನಕ್ಕೆ ಸೀಮಿತವಾಗಬಾರದು ಎಂದು ಅಮರೇಶ ಹೇಳಿದರು. ಕಾಲನಿ ಗ್ರಾಮದ ಸರ್ಕಾರಿ ಶಾಲೆಯಲ್ಲಿ ನಡೆದ ಕಾರ್ಯಕ್ರಮದಲ್ಲಿ ಮಾತನಾಡಿದ ಅವರು ಪ್ರತಿಯೊಂದು ಮಗುವಿಗೂ ಲಸಿಕೆ ಹಾಕಿಸುವುದು ಪೋಷಕರ ಕರ್ತವ್ಯ. ಗರ್ಭಿಣಿಯರು ತಪ್ಪದೇ ಆರೋಗ್ಯ ತಪಾಸಣೆ ಮಾಡಿಸಿಕೊಳ್ಳಬೇಕು. ಆರೋಗ್ಯ ಇಲಾಖೆಯ ಸಿಬ್ಬಂದಿ ಮನೆ ಮನೆಗೆ ತೆರಳಿ ಜಾಗೃತಿ ಮೂಡಿಸುತ್ತಿದ್ದಾರೆ ಎಂದರು. ಕಾರ್ಯಕ್ರಮದಲ್ಲಿ ವೈದ್ಯಾಧಿಕಾರಿ, ಗ್ರಾಮ ಪಂಚಾಯಿತಿ ಅಧ್ಯಕ್ಷರು, ಸದಸ್ಯರು, ಶಿಕ್ಷಕರು ಹಾಗೂ ಅಂಗನವಾಡಿ ಕಾರ್ಯಕರ್ತೆಯರು ಹಾಜರಿದ್ದರು.
ಬೇತಮಂಗಲ: ಮಾತೃ ಮತ್ತು ಮಕ್ಕಳ ಆರೋಗ್ಯಕ್ಕಾಗಿ ಸರ್ಕಾರ ಜಾರಿಗೆ ತಂದಿರುವ ಅಭಿಯಾನ ಪ್ರದರ್ಶನಕ್ಕೆ ಸೀಮಿತವಾಗಬಾರದು ಎಂದು ಅಮರೇಶ ಹೇಳಿದರು. ಕಾಲನಿ ಗ್ರಾಮದ ಸರ್ಕಾರಿ ಶಾಲೆಯಲ್ಲಿ ನಡೆದ ಕಾರ್ಯಕ್ರಮದಲ್ಲಿ ಮಾತನಾಡಿದ ಅವರು ಪ್ರತಿಯೊಂದು ಮಗುವಿಗೂ ಲಸಿಕೆ ಹಾಕಿಸುವುದು ಪೋಷಕರ ಕರ್ತವ್ಯ. ಗರ್ಭಿಣಿಯರು ತಪ್ಪದೇ ಆರೋಗ್ಯ ತಪಾಸಣೆ ಮಾಡಿಸಿಕೊಳ್ಳಬೇಕು. ಆರೋಗ್ಯ ಇಲಾಖೆಯ ಸಿಬ್ಬಂದಿ ಮನೆ ಮನೆಗೆ ತೆರಳಿ ಜಾಗೃತಿ ಮೂಡಿಸುತ್ತಿದ್ದಾರೆ ಎಂದರು. ಕಾರ್ಯಕ್ರಮದಲ್ಲಿ ವೈದ್ಯಾಧಿಕಾರಿ, ಗ್ರಾಮ ಪಂಚಾಯಿತಿ ಅಧ್ಯಕ್ಷರು, ಸದಸ್ಯರು, ಶಿಕ್ಷಕರು ಹಾಗೂ ಅಂಗನವಾಡಿ ಕಾರ್ಯಕರ್ತೆಯರು ಹಾಜರಿದ್ದರು.
ಬೇತಮಂಗಲ: ಜಿಲ್ಲೆಯ ಬರ ಪರಿಸ್ಥಿತಿಯ ಅಧ್ಯಯನಕ್ಕಾಗಿ ಆಗಮಿಸಿದ ಕೇಂದ್ರ ತಂಡ ಜಾನುವಾರು ಚಿಕಿತ್ಸಾ ಶಿಬಿರಕ್ಕೆ ಭೇಟಿ ನೀಡಿತು.
ಬಂಗಾರಪೇಟೆ: ಬರ ಪರಿಸ್ಥಿತಿ ಅಧ್ಯಯನಕ್ಕೆ ಆಗಮಿಸಿದ ಕೇಂದ್ರ ತಂಡ ತಾಲ್ಲೂಕಿನ ಗ್ರಾಮದಲ್ಲಿ ಪಶುಪಾಲನಾ ಇಲಾಖೆ ಆಯೋಜಿಸಿದ್ದ ಜಾನುವಾರು ಚಿಕಿತ್ಸಾ ಶಿಬಿರಕ್ಕೆ ಭೇಟಿ ನೀಡಿ ಮಾಹಿತಿ ಪಡೆಯಿತು. ಮೇವಿನ ಕೊರತೆಯಿಂದ ಹೈನುಗಾರಿಕೆ ಮೇಲೆ ಪರಿಣಾಮ ಬೀರಿದೆ. ಹಾಲಿನ ಉತ್ಪಾದನೆ ಕುಸಿದಿದೆ ಎಂದು ರೈತರು ತಂಡದ ಗಮನಕ್ಕೆ ತಂದರು. ಜಿಲ್ಲೆಯಲ್ಲಿ ಮೇವು ಬ್ಯಾಂಕ್ ಸ್ಥಾಪಿಸಲು ಕ್ರಮ ಕೈಗೊಳ್ಳಲಾಗಿದೆ ಎಂದು ಅಧಿಕಾರಿಗಳು ತಿಳಿಸಿದರು. ಶಿಬಿರದಲ್ಲಿ ನೂರಾರು ಜಾನುವಾರುಗಳಿಗೆ ಚಿಕಿತ್ಸೆ ನೀಡಲಾಯಿತು. ರಾಜ್ಯದ ಕೃಷಿ ಇಲಾಖೆ ನಿರ್ದೇಶಕರು, ಪಶುಪಾಲನಾ ಇಲಾಖೆಯ ಉಪನಿರ್ದೇಶಕರು, ಜಿಲ್ಲಾ ಪಂಚಾಯಿತಿ ಅಧಿಕಾರಿಗಳು ಹಾಗೂ ತಾಲ್ಲೂಕು ಮಟ್ಟದ ಅಧಿಕಾರಿಗಳು ಉಪಸ್ಥಿತರಿದ್ದರು. ರೈತರಿಗೆ ಸೂಕ್ತ ಪರಿಹಾರ ಒದಗಿಸಲು ಕೇಂದ್ರಕ್ಕೆ ಶಿಫಾರಸು ಮಾಡಲಾಗುವುದು ಎಂದು ತಂಡದ ಸದಸ್ಯರು ತಿಳಿಸಿದರು.
ಬಂಗಾರಪೇಟೆ: ಬರ ಪರಿಸ್ಥಿತಿ ಅಧ್ಯಯನಕ್ಕೆ ಆಗಮಿಸಿದ ಕೇಂದ್ರ ತಂಡ ತಾಲ್ಲೂಕಿನ ಗ್ರಾಮದಲ್ಲಿ ಪಶುಪಾಲನಾ ಇಲಾಖೆ ಆಯೋಜಿಸಿದ್ದ ಜಾನುವಾರು ಚಿಕಿತ್ಸಾ ಶಿಬಿರಕ್ಕೆ ಭೇಟಿ ನೀಡಿ ಮಾಹಿತಿ ಪಡೆಯಿತು. ಮೇವಿನ ಕೊರತೆಯಿಂದ ಹೈನುಗಾರಿಕೆ ಮೇಲೆ ಪರಿಣಾಮ ಬೀರಿದೆ. ಹಾಲಿನ ಉತ್ಪಾದನೆ ಕುಸಿದಿದೆ ಎಂದು ರೈತರು ತಂಡದ ಗಮನಕ್ಕೆ ತಂದರು. ಜಿಲ್ಲೆಯಲ್ಲಿ ಮೇವು ಬ್ಯಾಂಕ್ ಸ್ಥಾಪಿಸಲು ಕ್ರಮ ಕೈಗೊಳ್ಳಲಾಗಿದೆ ಎಂದು ಅಧಿಕಾರಿಗಳು ತಿಳಿಸಿದರು. ಶಿಬಿರದಲ್ಲಿ ನೂರಾರು ಜಾನುವಾರುಗಳಿಗೆ ಚಿಕಿತ್ಸೆ ನೀಡಲಾಯಿತು. ರಾಜ್ಯದ ಕೃಷಿ ಇಲಾಖೆ ನಿರ್ದೇಶಕರು, ಪಶುಪಾಲನಾ ಇಲಾಖೆಯ ಉಪನಿರ್ದೇಶಕರು, ಜಿಲ್ಲಾ ಪಂಚಾಯಿತಿ ಅಧಿಕಾರಿಗಳು ಹಾಗೂ ತಾಲ್ಲೂಕು ಮಟ್ಟದ ಅಧಿಕಾರಿಗಳು ಉಪಸ್ಥಿತರಿದ್ದರು. ರೈತರಿಗೆ ಸೂಕ್ತ ಪರಿಹಾರ ಒದಗಿಸಲು ಕೇಂದ್ರಕ್ಕೆ ಶಿಫಾರಸು ಮಾಡಲಾಗುವುದು ಎಂದು ತಂಡದ ಸದಸ್ಯರು ತಿಳಿಸಿದರು.
ಬಂಗಾರಪೇಟೆ: ಬರ ಪರಿಸ್ಥಿತಿ ಅಧ್ಯಯನಕ್ಕೆ ಆಗಮಿಸಿದ ಕೇಂದ್ರ ತಂಡ ತಾಲ್ಲೂಕಿನ ಗ್ರಾಮದಲ್ಲಿ ಪಶುಪಾಲನಾ ಇಲಾಖೆ ಆಯೋಜಿಸಿದ್ದ ಜಾನುವಾರು ಚಿಕಿತ್ಸಾ ಶಿಬಿರಕ್ಕೆ ಭೇಟಿ ನೀಡಿ ಮಾಹಿತಿ ಪಡೆಯಿತು. ಮೇವಿನ ಕೊರತೆಯಿಂದ ಹೈನುಗಾರಿಕೆ ಮೇಲೆ ಪರಿಣಾಮ ಬೀರಿದೆ. ಹಾಲಿನ ಉತ್ಪಾದನೆ ಕುಸಿದಿದೆ ಎಂದು ರೈತರು ತಂಡದ ಗಮನಕ್ಕೆ ತಂದರು. ಜಿಲ್ಲೆಯಲ್ಲಿ ಮೇವು ಬ್ಯಾಂಕ್ ಸ್ಥಾಪಿಸಲು ಕ್ರಮ ಕೈಗೊಳ್ಳಲಾಗಿದೆ ಎಂದು ಅಧಿಕಾರಿಗಳು ತಿಳಿಸಿದರು. ಶಿಬಿರದಲ್ಲಿ ನೂರಾರು ಜಾನುವಾರುಗಳಿಗೆ ಚಿಕಿತ್ಸೆ ನೀಡಲಾಯಿತು. ರಾಜ್ಯದ ಕೃಷಿ ಇಲಾಖೆ ನಿರ್ದೇಶಕರು, ಪಶುಪಾಲನಾ ಇಲಾಖೆಯ ಉಪನಿರ್ದೇಶಕರು, ಜಿಲ್ಲಾ ಪಂಚಾಯಿತಿ ಅಧಿಕಾರಿಗಳು ಹಾಗೂ ತಾಲ್ಲೂಕು ಮಟ್ಟದ ಅಧಿಕಾರಿಗಳು ಉಪಸ್ಥಿತರಿದ್ದರು. ರೈತರಿಗೆ ಸೂಕ್ತ ಪರಿಹಾರ ಒದಗಿಸಲು ಕೇಂದ್ರಕ್ಕೆ ಶಿಫಾರಸು ಮಾಡಲಾಗುವುದು ಎಂದು ತಂಡದ ಸದ
